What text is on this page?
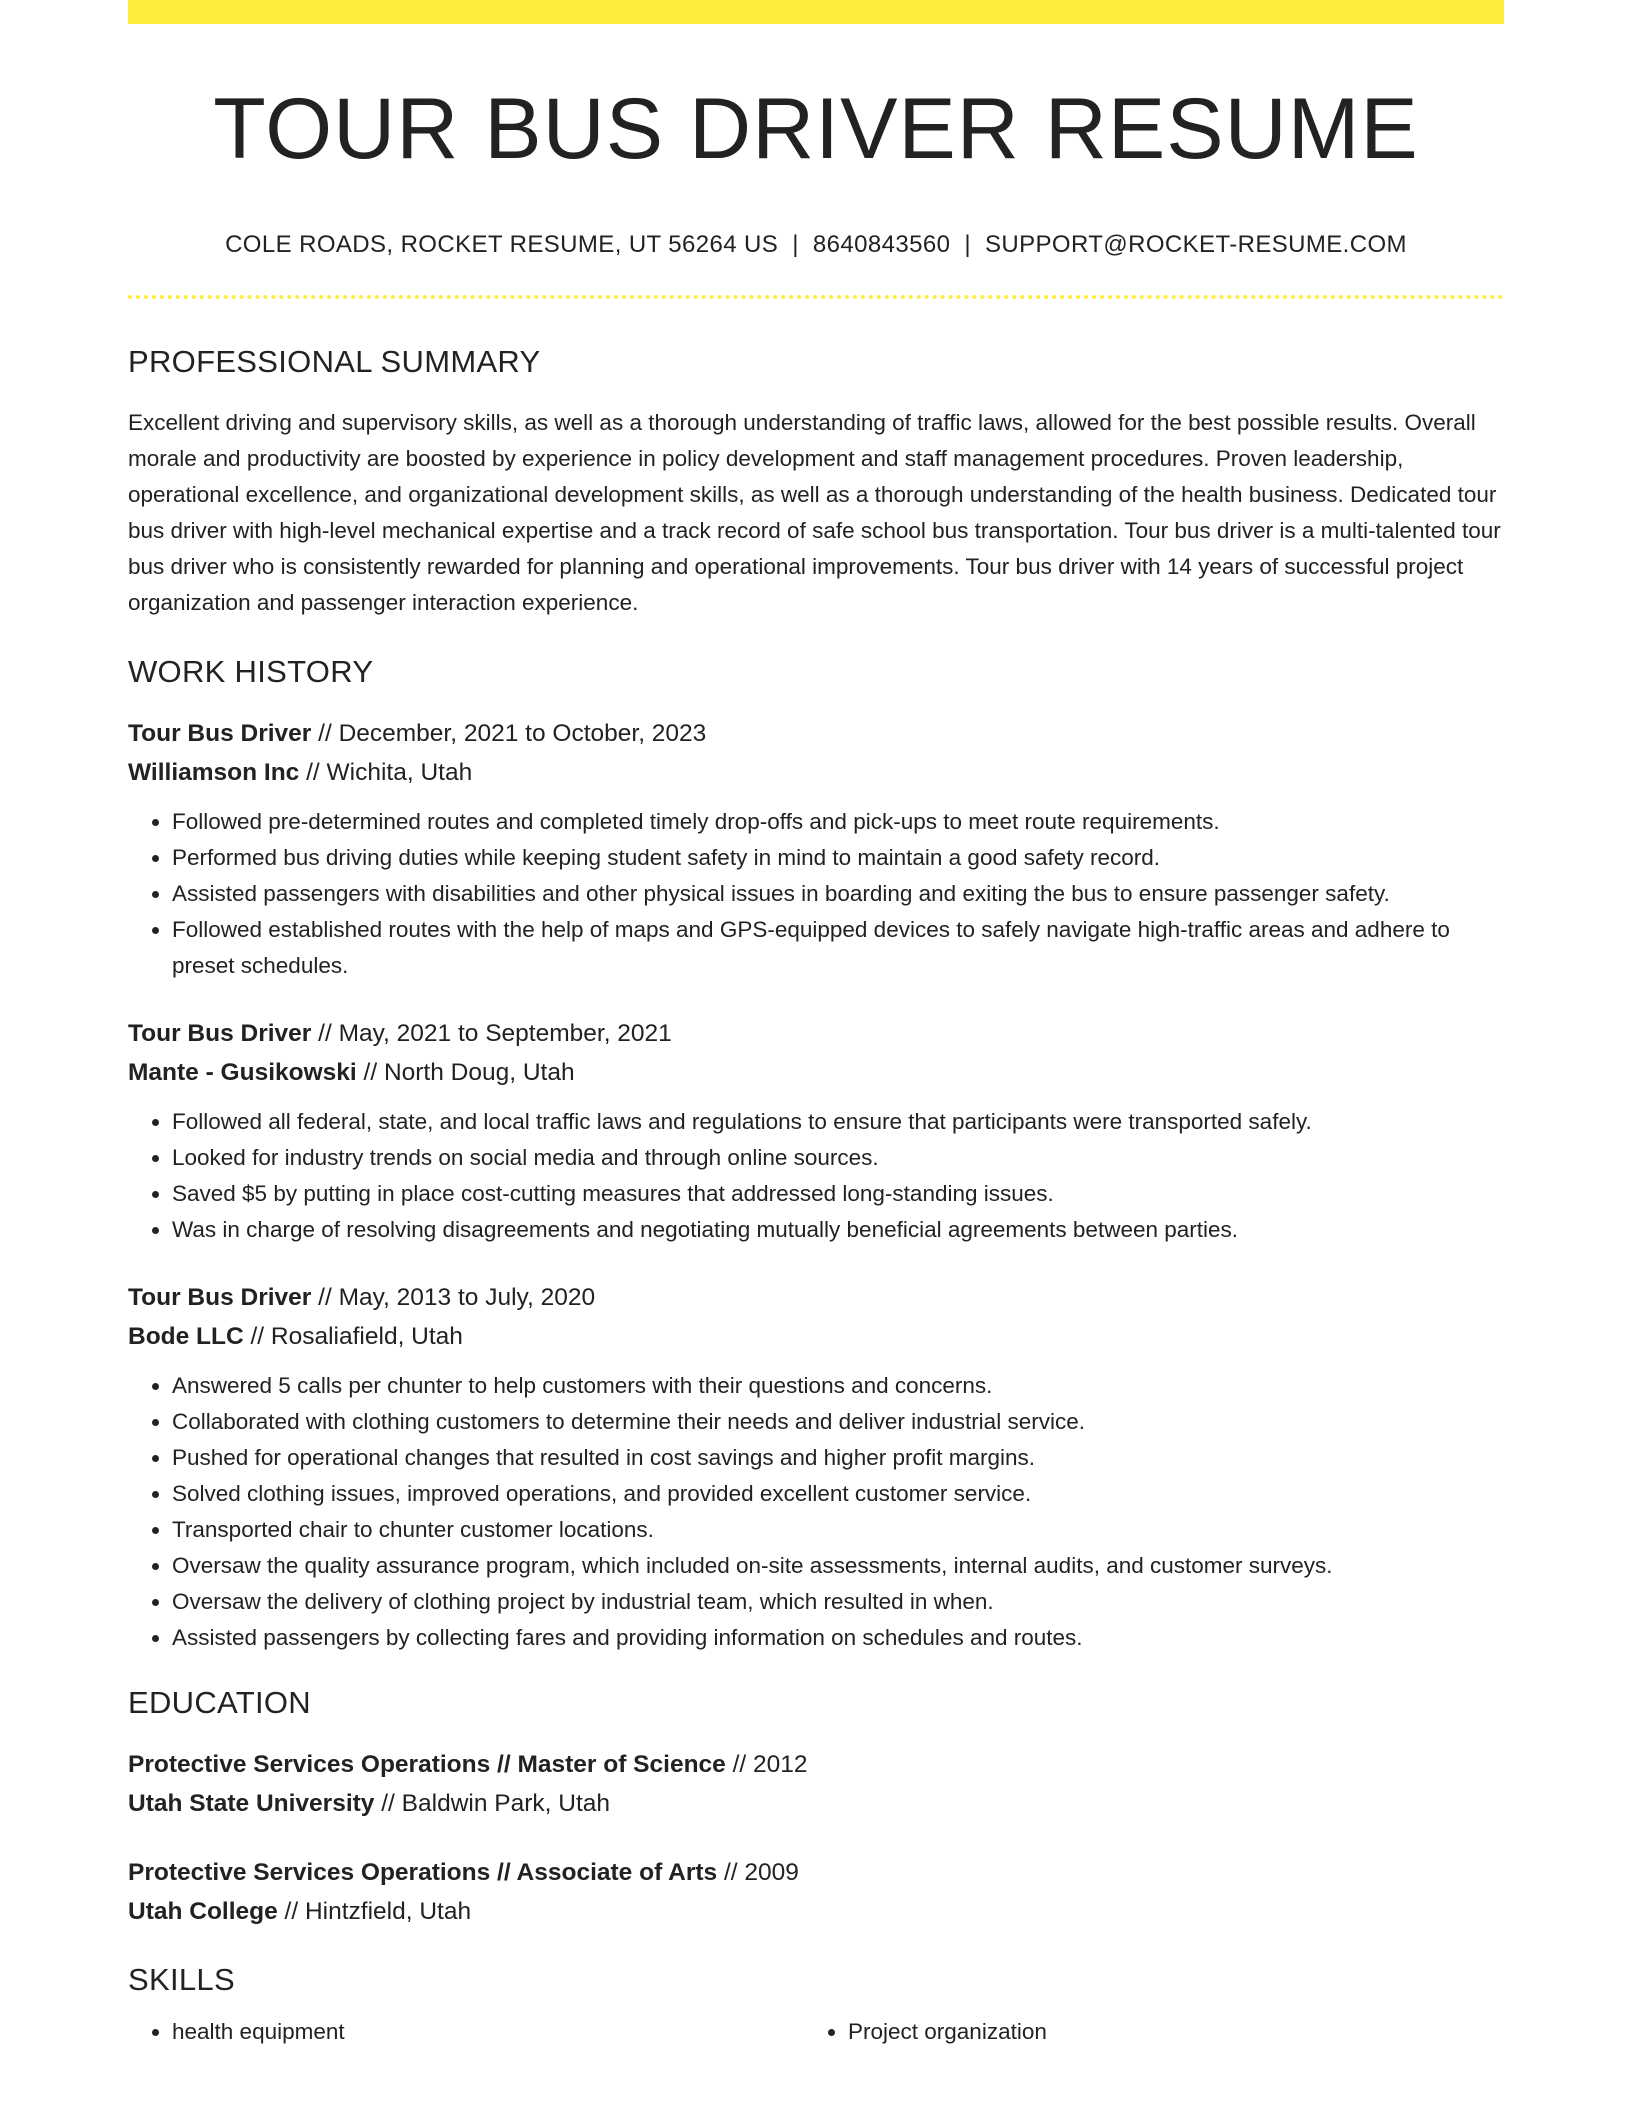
TOUR BUS DRIVER RESUME
COLE ROADS, ROCKET RESUME, UT 56264 US | 8640843560 | SUPPORT@ROCKET-RESUME.COM
PROFESSIONAL SUMMARY
Excellent driving and supervisory skills, as well as a thorough understanding of traffic laws, allowed for the best possible results. Overall morale and productivity are boosted by experience in policy development and staff management procedures. Proven leadership, operational excellence, and organizational development skills, as well as a thorough understanding of the health business. Dedicated tour bus driver with high-level mechanical expertise and a track record of safe school bus transportation. Tour bus driver is a multi-talented tour bus driver who is consistently rewarded for planning and operational improvements. Tour bus driver with 14 years of successful project organization and passenger interaction experience.
WORK HISTORY
Tour Bus Driver // December, 2021 to October, 2023
Williamson Inc // Wichita, Utah
• Followed pre-determined routes and completed timely drop-offs and pick-ups to meet route requirements.
• Performed bus driving duties while keeping student safety in mind to maintain a good safety record.
• Assisted passengers with disabilities and other physical issues in boarding and exiting the bus to ensure passenger safety.
• Followed established routes with the help of maps and GPS-equipped devices to safely navigate high-traffic areas and adhere to preset schedules.
Tour Bus Driver // May, 2021 to September, 2021
Mante - Gusikowski // North Doug, Utah
• Followed all federal, state, and local traffic laws and regulations to ensure that participants were transported safely.
• Looked for industry trends on social media and through online sources.
• Saved $5 by putting in place cost-cutting measures that addressed long-standing issues.
• Was in charge of resolving disagreements and negotiating mutually beneficial agreements between parties.
Tour Bus Driver // May, 2013 to July, 2020
Bode LLC // Rosaliafield, Utah
• Answered 5 calls per chunter to help customers with their questions and concerns.
• Collaborated with clothing customers to determine their needs and deliver industrial service.
• Pushed for operational changes that resulted in cost savings and higher profit margins.
• Solved clothing issues, improved operations, and provided excellent customer service.
• Transported chair to chunter customer locations.
• Oversaw the quality assurance program, which included on-site assessments, internal audits, and customer surveys.
• Oversaw the delivery of clothing project by industrial team, which resulted in when.
• Assisted passengers by collecting fares and providing information on schedules and routes.
EDUCATION
Protective Services Operations // Master of Science // 2012
Utah State University // Baldwin Park, Utah
Protective Services Operations // Associate of Arts // 2009
Utah College // Hintzfield, Utah
SKILLS
• health equipment
•	Project organization
